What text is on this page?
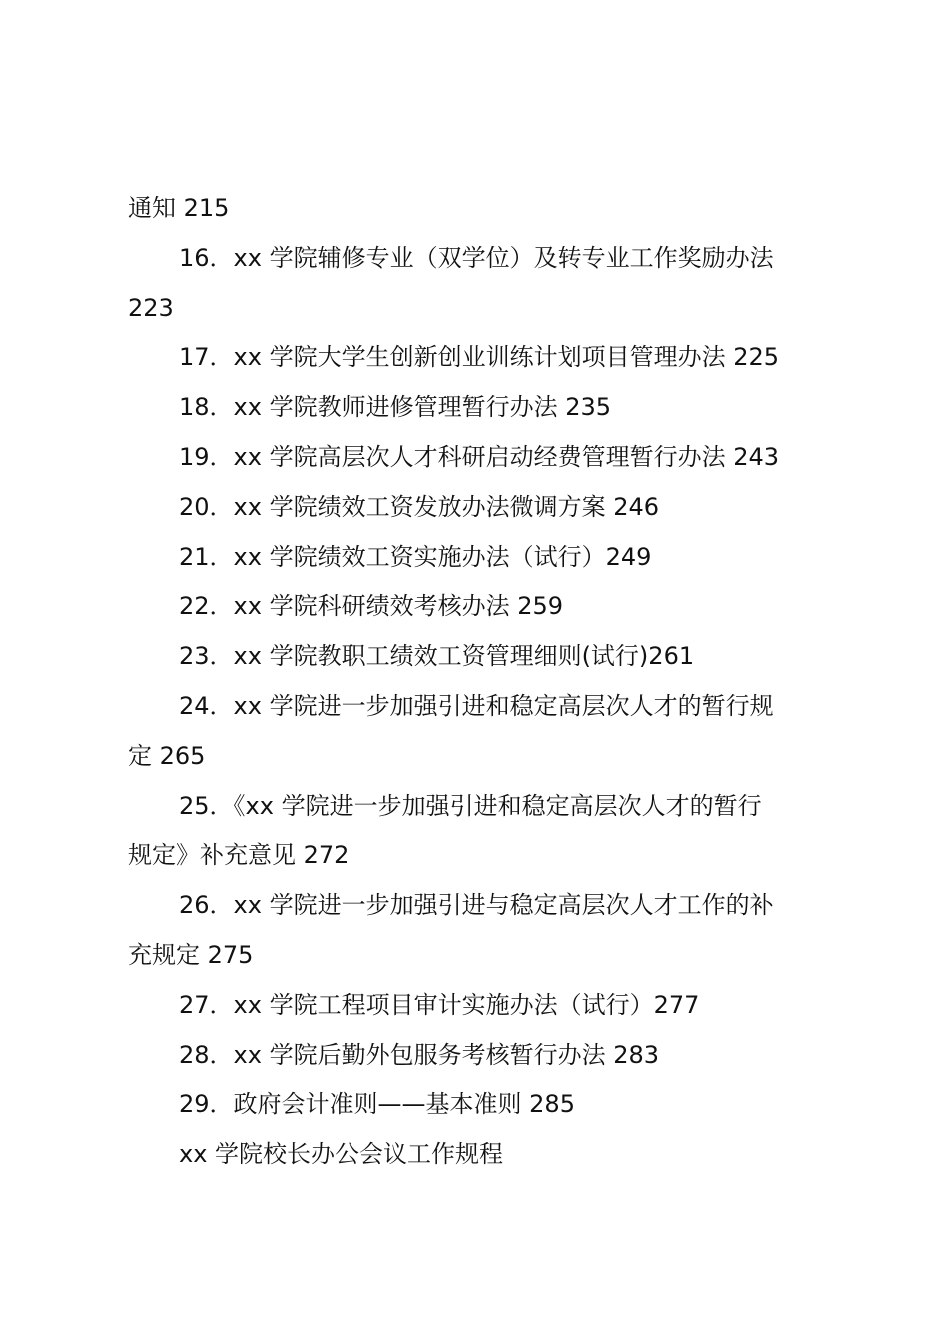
通知 215
16．xx 学院辅修专业（双学位）及转专业工作奖励办法
223
17．xx 学院大学生创新创业训练计划项目管理办法 225
18．xx 学院教师进修管理暂行办法 235
19．xx 学院高层次人才科研启动经费管理暂行办法 243
20．xx 学院绩效工资发放办法微调方案 246
21．xx 学院绩效工资实施办法（试行）249
22．xx 学院科研绩效考核办法 259
23．xx 学院教职工绩效工资管理细则(试行)261
24．xx 学院进一步加强引进和稳定高层次人才的暂行规
定 265
25．《xx 学院进一步加强引进和稳定高层次人才的暂行
规定》补充意见 272
26．xx 学院进一步加强引进与稳定高层次人才工作的补
充规定 275
27．xx 学院工程项目审计实施办法（试行）277
28．xx 学院后勤外包服务考核暂行办法 283
29．政府会计准则——基本准则 285
xx 学院校长办公会议工作规程
